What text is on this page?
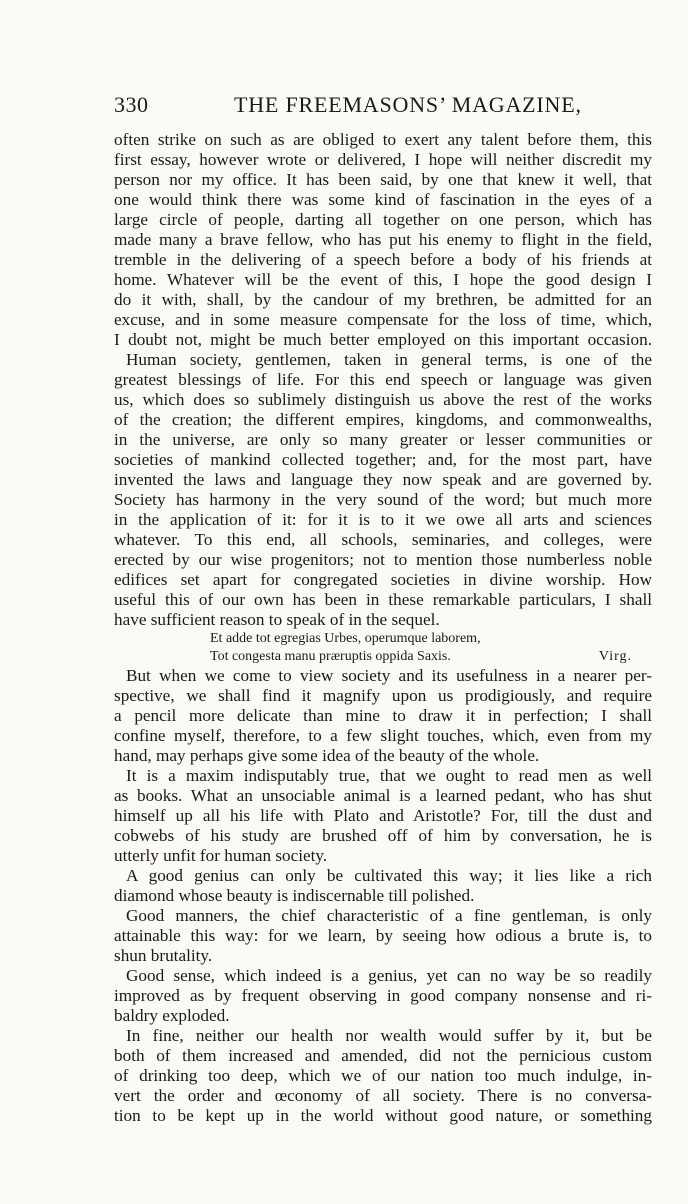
330	THE FREEMASONS’ MAGAZINE,
often strike on such as are obliged to exert any talent before them, this
first essay, however wrote or delivered, I hope will neither discredit my
person nor my office. It has been said, by one that knew it well, that
one would think there was some kind of fascination in the eyes of a
large circle of people, darting all together on one person, which has
made many a brave fellow, who has put his enemy to flight in the field,
tremble in the delivering of a speech before a body of his friends at
home. Whatever will be the event of this, I hope the good design I
do it with, shall, by the candour of my brethren, be admitted for an
excuse, and in some measure compensate for the loss of time, which,
I doubt not, might be much better employed on this important occasion.
Human society, gentlemen, taken in general terms, is one of the
greatest blessings of life. For this end speech or language was given
us, which does so sublimely distinguish us above the rest of the works
of the creation; the different empires, kingdoms, and commonwealths,
in the universe, are only so many greater or lesser communities or
societies of mankind collected together; and, for the most part, have
invented the laws and language they now speak and are governed by.
Society has harmony in the very sound of the word; but much more
in the application of it: for it is to it we owe all arts and sciences
whatever. To this end, all schools, seminaries, and colleges, were
erected by our wise progenitors; not to mention those numberless noble
edifices set apart for congregated societies in divine worship. How
useful this of our own has been in these remarkable particulars, I shall
have sufficient reason to speak of in the sequel.
Et adde tot egregias Urbes, operumque laborem,
Tot congesta manu præruptis oppida Saxis.	Virg.
But when we come to view society and its usefulness in a nearer per-
spective, we shall find it magnify upon us prodigiously, and require
a pencil more delicate than mine to draw it in perfection; I shall
confine myself, therefore, to a few slight touches, which, even from my
hand, may perhaps give some idea of the beauty of the whole.
It is a maxim indisputably true, that we ought to read men as well
as books. What an unsociable animal is a learned pedant, who has shut
himself up all his life with Plato and Aristotle? For, till the dust and
cobwebs of his study are brushed off of him by conversation, he is
utterly unfit for human society.
A good genius can only be cultivated this way; it lies like a rich
diamond whose beauty is indiscernable till polished.
Good manners, the chief characteristic of a fine gentleman, is only
attainable this way: for we learn, by seeing how odious a brute is, to
shun brutality.
Good sense, which indeed is a genius, yet can no way be so readily
improved as by frequent observing in good company nonsense and ri-
baldry exploded.
In fine, neither our health nor wealth would suffer by it, but be
both of them increased and amended, did not the pernicious custom
of drinking too deep, which we of our nation too much indulge, in-
vert the order and œconomy of all society. There is no conversa-
tion to be kept up in the world without good nature, or something
